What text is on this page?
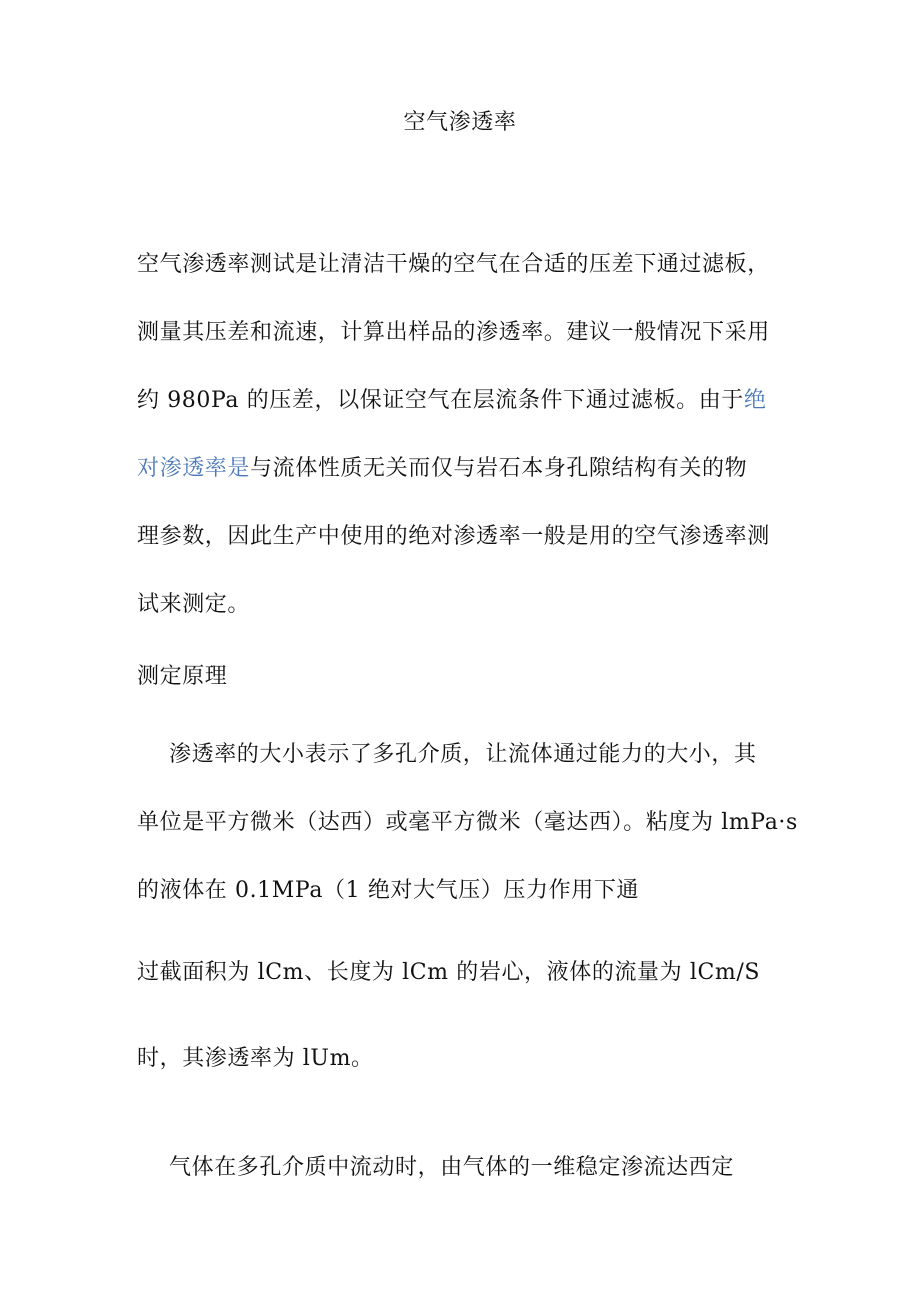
空气渗透率
空气渗透率测试是让清洁干燥的空气在合适的压差下通过滤板，
测量其压差和流速，计算出样品的渗透率。建议一般情况下采用
约 980Pa 的压差，以保证空气在层流条件下通过滤板。由于绝
对渗透率是与流体性质无关而仅与岩石本身孔隙结构有关的物
理参数，因此生产中使用的绝对渗透率一般是用的空气渗透率测
试来测定。
测定原理
渗透率的大小表示了多孔介质，让流体通过能力的大小，其
单位是平方微米（达西）或毫平方微米（毫达西）。粘度为 lmPa·s
的液体在 0.1MPa（1 绝对大气压）压力作用下通
过截面积为 lCm、长度为 lCm 的岩心，液体的流量为 lCm/S
时，其渗透率为 lUm。
气体在多孔介质中流动时，由气体的一维稳定渗流达西定
